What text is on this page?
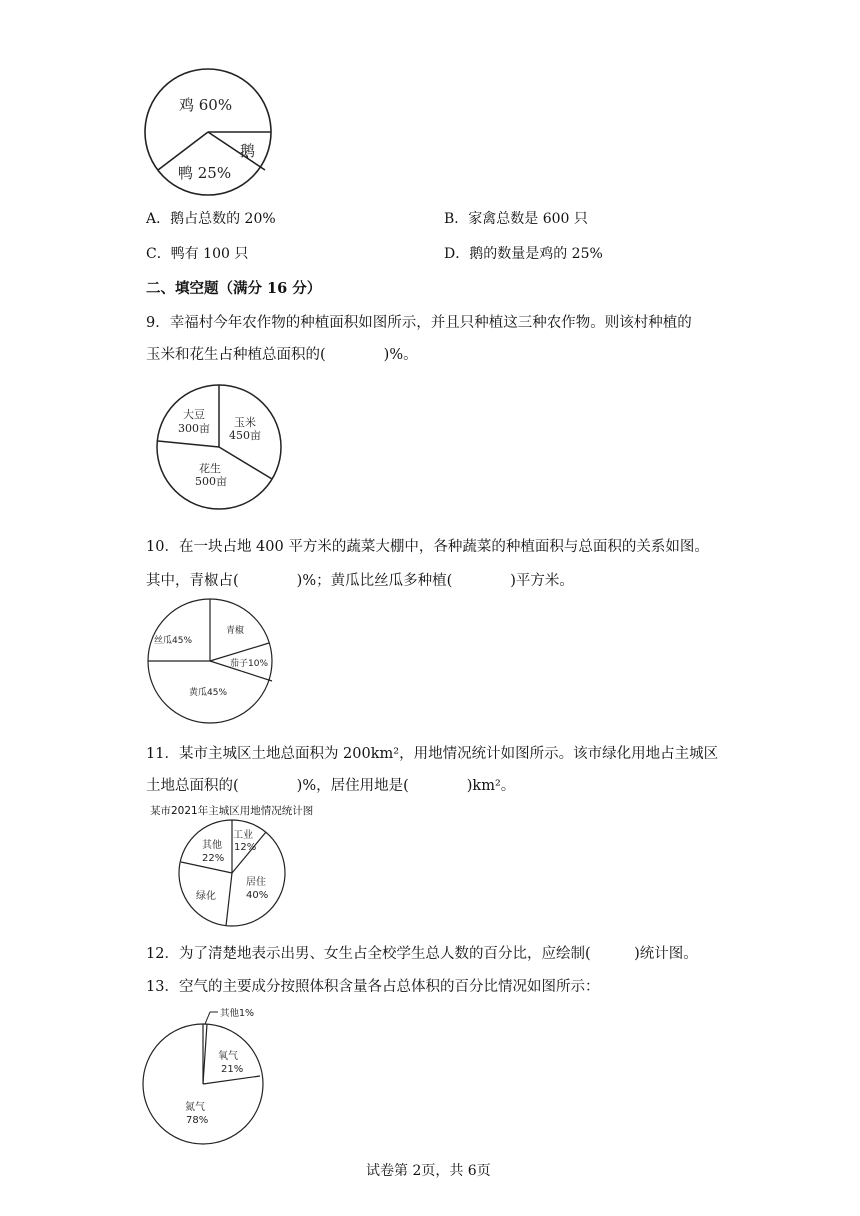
鸡 60%
鹅
鸭 25%
A．鹅占总数的 20%	B．家禽总数是 600 只
C．鸭有 100 只	D．鹅的数量是鸡的 25%
二、填空题（满分 16 分）
9．幸福村今年农作物的种植面积如图所示，并且只种植这三种农作物。则该村种植的
玉米和花生占种植总面积的(　　　　)%。
大豆
300亩 玉米
450亩
花生
500亩
10．在一块占地 400 平方米的蔬菜大棚中，各种蔬菜的种植面积与总面积的关系如图。
其中，青椒占(　　　　)%；黄瓜比丝瓜多种植(　　　　)平方米。
青椒
丝瓜45%
茄子10%
黄瓜45%
11．某市主城区土地总面积为 200km²，用地情况统计如图所示。该市绿化用地占主城区
土地总面积的(　　　　)%，居住用地是(　　　　)km²。
某市2021年主城区用地情况统计图
工业
12%
其他
22%
绿化
居住
40%
12．为了清楚地表示出男、女生占全校学生总人数的百分比，应绘制(　　　)统计图。
13．空气的主要成分按照体积含量各占总体积的百分比情况如图所示：
其他1%
氧气
21%
氮气
78%
试卷第 2页，共 6页
